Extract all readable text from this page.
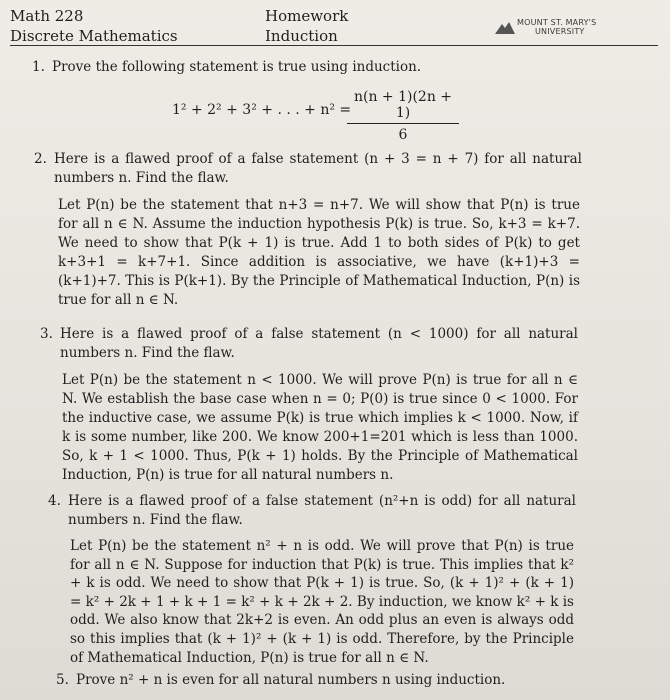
Math 228
Discrete Mathematics
Homework
Induction
MOUNT ST. MARY'S
UNIVERSITY
1. Prove the following statement is true using induction.
1² + 2² + 3² + . . . + n² =
$\frac{n(n + 1)(2n + 1)}{6}$
2. Here is a flawed proof of a false statement (n + 3 = n + 7) for all natural numbers n. Find the flaw.
Let P(n) be the statement that n+3 = n+7. We will show that P(n) is true for all n ∈ N. Assume the induction hypothesis P(k) is true. So, k+3 = k+7. We need to show that P(k + 1) is true. Add 1 to both sides of P(k) to get k+3+1 = k+7+1. Since addition is associative, we have (k+1)+3 = (k+1)+7. This is P(k+1). By the Principle of Mathematical Induction, P(n) is true for all n ∈ N.
3. Here is a flawed proof of a false statement (n < 1000) for all natural numbers n. Find the flaw.
Let P(n) be the statement n < 1000. We will prove P(n) is true for all n ∈ N. We establish the base case when n = 0; P(0) is true since 0 < 1000. For the inductive case, we assume P(k) is true which implies k < 1000. Now, if k is some number, like 200. We know 200+1=201 which is less than 1000. So, k + 1 < 1000. Thus, P(k + 1) holds. By the Principle of Mathematical Induction, P(n) is true for all natural numbers n.
4. Here is a flawed proof of a false statement (n²+n is odd) for all natural numbers n. Find the flaw.
Let P(n) be the statement n² + n is odd. We will prove that P(n) is true for all n ∈ N. Suppose for induction that P(k) is true. This implies that k² + k is odd. We need to show that P(k + 1) is true. So, (k + 1)² + (k + 1) = k² + 2k + 1 + k + 1 = k² + k + 2k + 2. By induction, we know k² + k is odd. We also know that 2k+2 is even. An odd plus an even is always odd so this implies that (k + 1)² + (k + 1) is odd. Therefore, by the Principle of Mathematical Induction, P(n) is true for all n ∈ N.
5. Prove n² + n is even for all natural numbers n using induction.
